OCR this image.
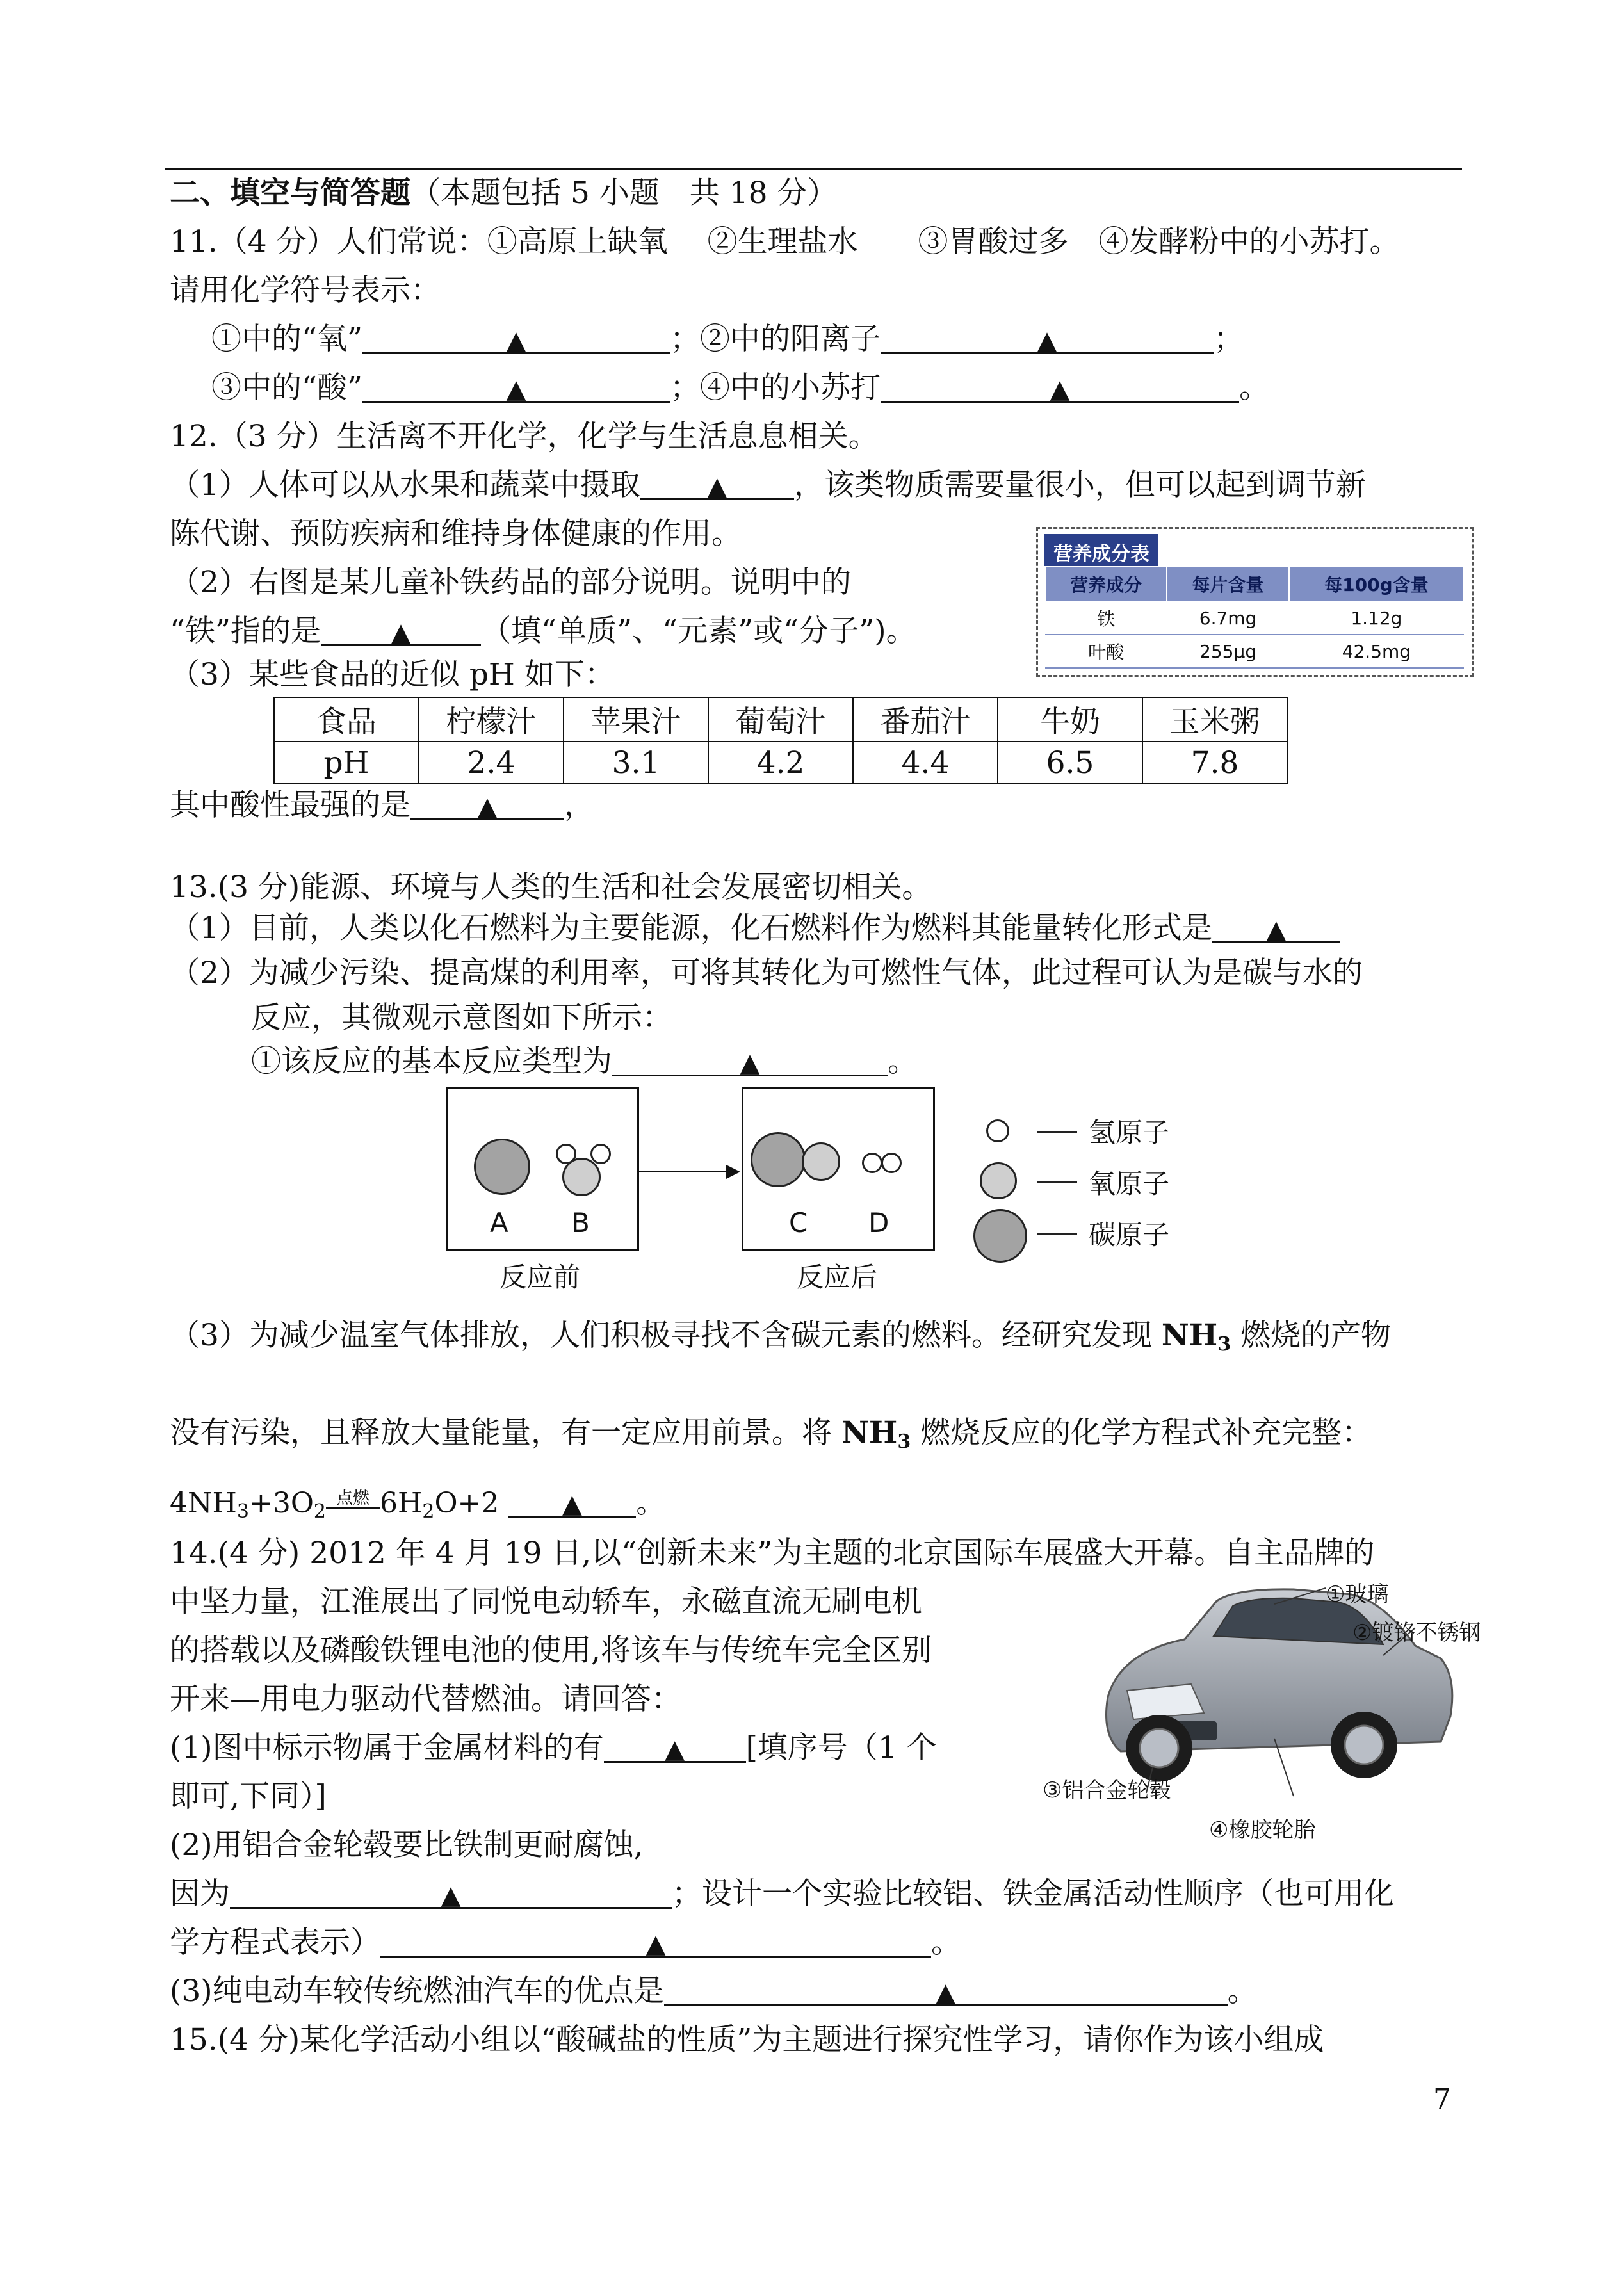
二、填空与简答题（本题包括 5 小题　共 18 分）
11.（4 分）人们常说：①高原上缺氧　 ②生理盐水　　③胃酸过多　④发酵粉中的小苏打。
请用化学符号表示：
①中的“氧”	▲	；②中的阳离子	▲	；
③中的“酸”	▲	；④中的小苏打	▲	。
12.（3 分）生活离不开化学，化学与生活息息相关。
（1）人体可以从水果和蔬菜中摄取	▲ ，该类物质需要量很小，但可以起到调节新
陈代谢、预防疾病和维持身体健康的作用。
（2）右图是某儿童补铁药品的部分说明。说明中的
“铁”指的是	▲ （填“单质”、“元素”或“分子”)。
（3）某些食品的近似 pH 如下：
营养成分表
营养成分	每片含量	每100g含量
铁	6.7mg	1.12g
叶酸	255μg	42.5mg
食品	柠檬汁	苹果汁	葡萄汁	番茄汁	牛奶	玉米粥
pH	2.4	3.1	4.2	4.4	6.5	7.8
其中酸性最强的是	▲ ，
13.(3 分)能源、环境与人类的生活和社会发展密切相关。
（1）目前，人类以化石燃料为主要能源，化石燃料作为燃料其能量转化形式是 ▲
（2）为减少污染、提高煤的利用率，可将其转化为可燃性气体，此过程可认为是碳与水的
反应，其微观示意图如下所示：
①该反应的基本反应类型为	▲	。
A B	C D
反应前	反应后
氢原子
氧原子
碳原子
（3）为减少温室气体排放，人们积极寻找不含碳元素的燃料。经研究发现 $NH_3$ 燃烧的产物
没有污染，且释放大量能量，有一定应用前景。将 $NH_3$ 燃烧反应的化学方程式补充完整：
$4NH_3+3O_2$点燃 $6H_2O+2$ ▲ 。
14.(4 分) 2012 年 4 月 19 日,以“创新未来”为主题的北京国际车展盛大开幕。自主品牌的
中坚力量，江淮展出了同悦电动轿车，永磁直流无刷电机
的搭载以及磷酸铁锂电池的使用,将该车与传统车完全区别
开来—用电力驱动代替燃油。请回答：
(1)图中标示物属于金属材料的有 ▲ [填序号（1 个
即可,下同）]
(2)用铝合金轮毂要比铁制更耐腐蚀,
因为	▲	；设计一个实验比较铝、铁金属活动性顺序（也可用化
学方程式表示）	▲	。
(3)纯电动车较传统燃油汽车的优点是	▲	。
①玻璃
②镀铬不锈钢
③铝合金轮毂
④橡胶轮胎
15.(4 分)某化学活动小组以“酸碱盐的性质”为主题进行探究性学习，请你作为该小组成
7
